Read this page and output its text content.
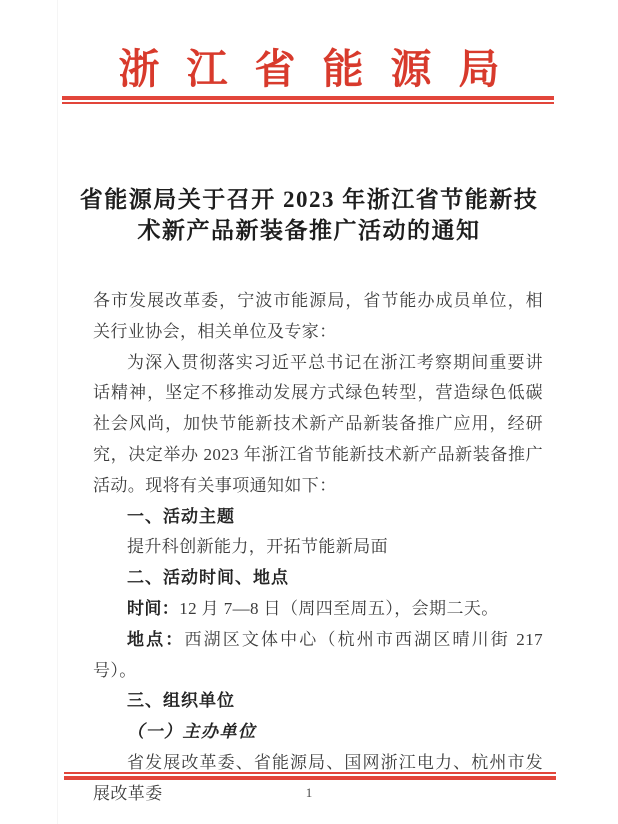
浙江省能源局
省能源局关于召开 2023 年浙江省节能新技
术新产品新装备推广活动的通知

各市发展改革委，宁波市能源局，省节能办成员单位，相关行业协会，相关单位及专家：

为深入贯彻落实习近平总书记在浙江考察期间重要讲话精神，坚定不移推动发展方式绿色转型，营造绿色低碳社会风尚，加快节能新技术新产品新装备推广应用，经研究，决定举办 2023 年浙江省节能新技术新产品新装备推广活动。现将有关事项通知如下：

一、活动主题

提升科创新能力，开拓节能新局面

二、活动时间、地点

时间：12 月 7—8 日（周四至周五），会期二天。

地点：西湖区文体中心（杭州市西湖区晴川街 217 号）。

三、组织单位

（一）主办单位

省发展改革委、省能源局、国网浙江电力、杭州市发展改革委	1
